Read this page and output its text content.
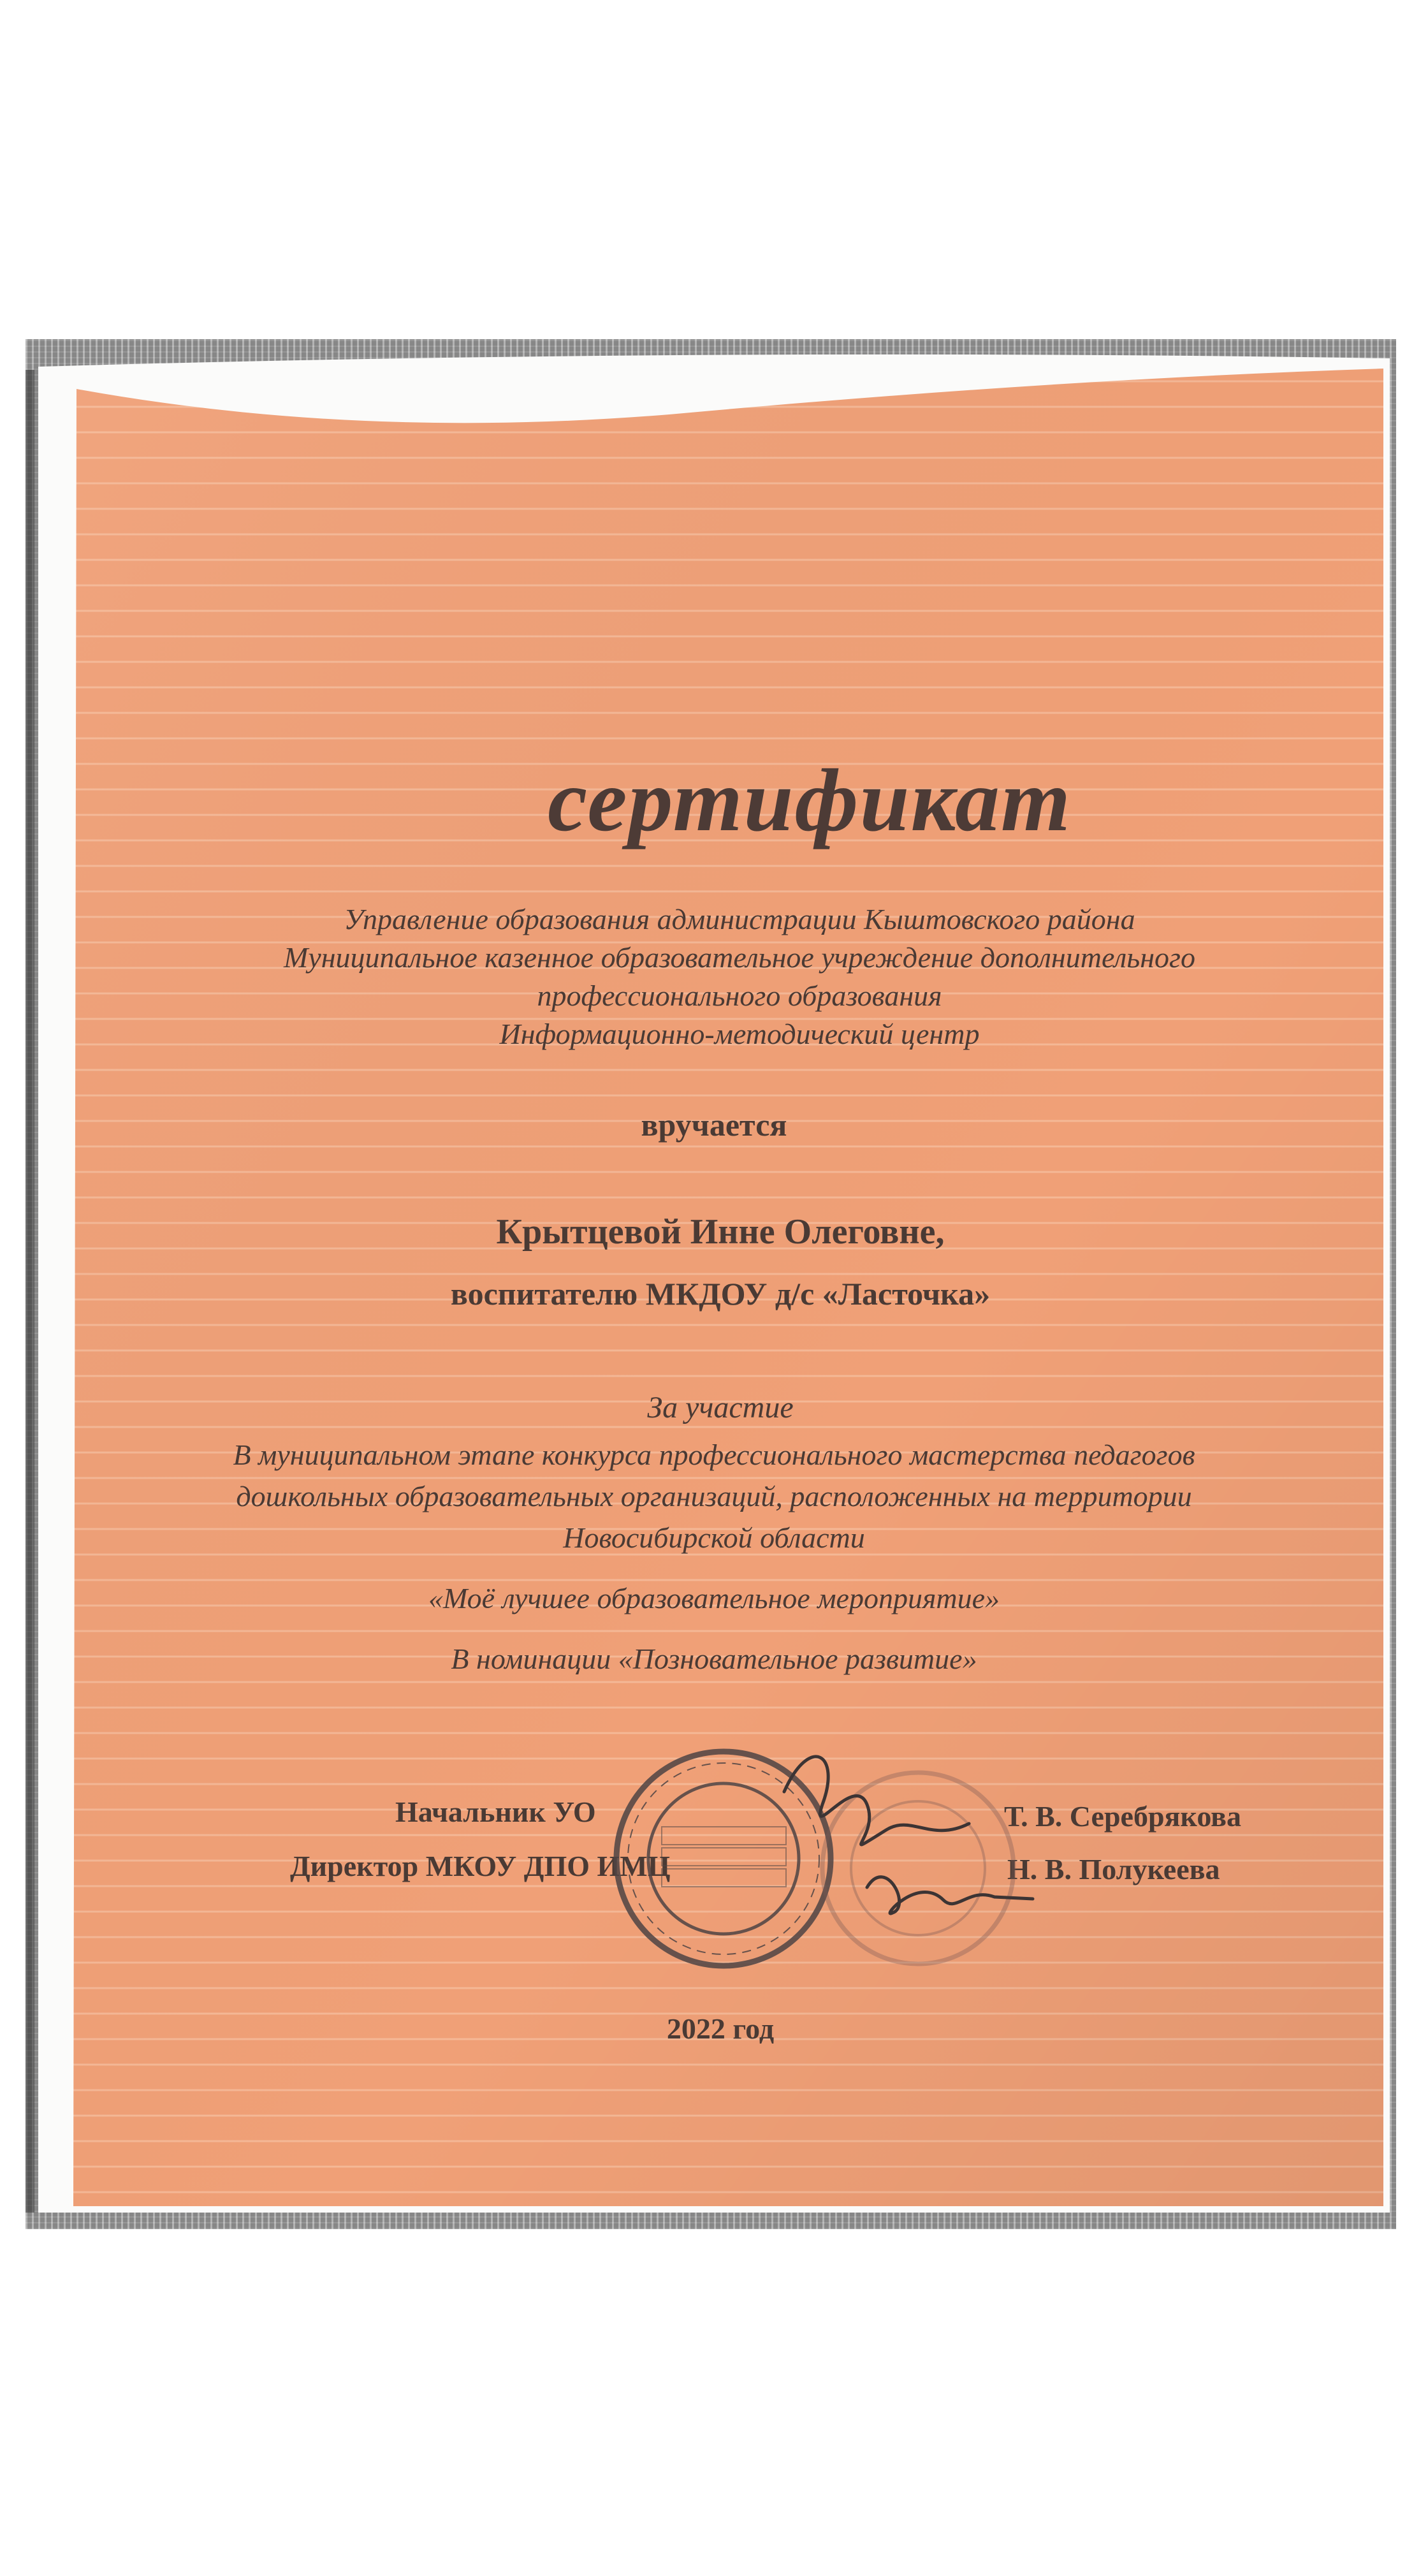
сертификат
Управление образования администрации Кыштовского района
Муниципальное казенное образовательное учреждение дополнительного
профессионального образования
Информационно-методический центр
вручается
Крытцевой Инне Олеговне,
воспитателю МКДОУ д/с «Ласточка»
За участие
В муниципальном этапе конкурса профессионального мастерства педагогов
дошкольных образовательных организаций, расположенных на территории
Новосибирской области
«Моё лучшее образовательное мероприятие»
В номинации «Позновательное развитие»
Начальник УО	Т. В. Серебрякова
Директор МКОУ ДПО ИМЦ	Н. В. Полукеева
2022 год
